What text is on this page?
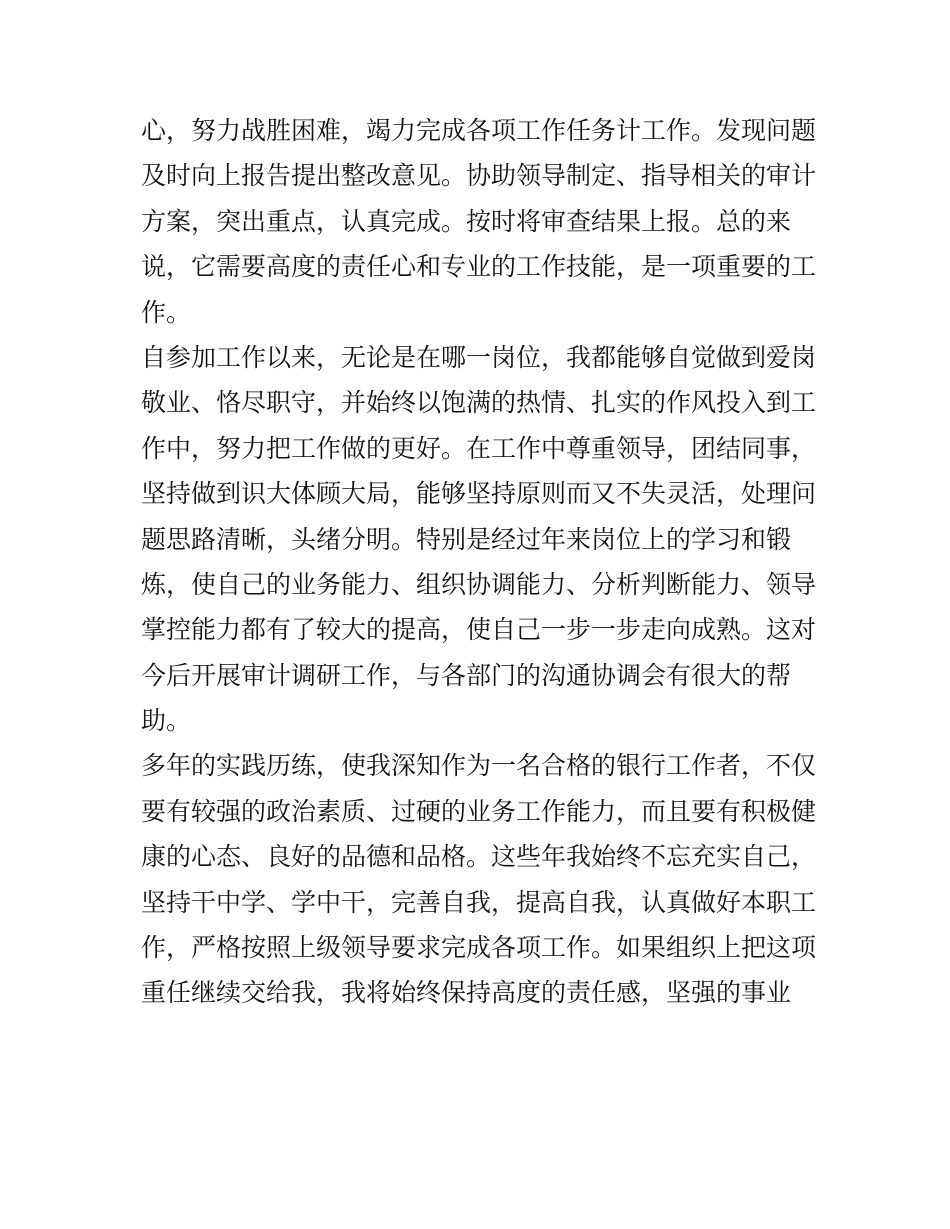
心，努力战胜困难，竭力完成各项工作任务计工作。发现问题
及时向上报告提出整改意见。协助领导制定、指导相关的审计
方案，突出重点，认真完成。按时将审查结果上报。总的来
说，它需要高度的责任心和专业的工作技能，是一项重要的工
作。
自参加工作以来，无论是在哪一岗位，我都能够自觉做到爱岗
敬业、恪尽职守，并始终以饱满的热情、扎实的作风投入到工
作中，努力把工作做的更好。在工作中尊重领导，团结同事，
坚持做到识大体顾大局，能够坚持原则而又不失灵活，处理问
题思路清晰，头绪分明。特别是经过年来岗位上的学习和锻
炼，使自己的业务能力、组织协调能力、分析判断能力、领导
掌控能力都有了较大的提高，使自己一步一步走向成熟。这对
今后开展审计调研工作，与各部门的沟通协调会有很大的帮
助。
多年的实践历练，使我深知作为一名合格的银行工作者，不仅
要有较强的政治素质、过硬的业务工作能力，而且要有积极健
康的心态、良好的品德和品格。这些年我始终不忘充实自己，
坚持干中学、学中干，完善自我，提高自我，认真做好本职工
作，严格按照上级领导要求完成各项工作。如果组织上把这项
重任继续交给我，我将始终保持高度的责任感，坚强的事业
